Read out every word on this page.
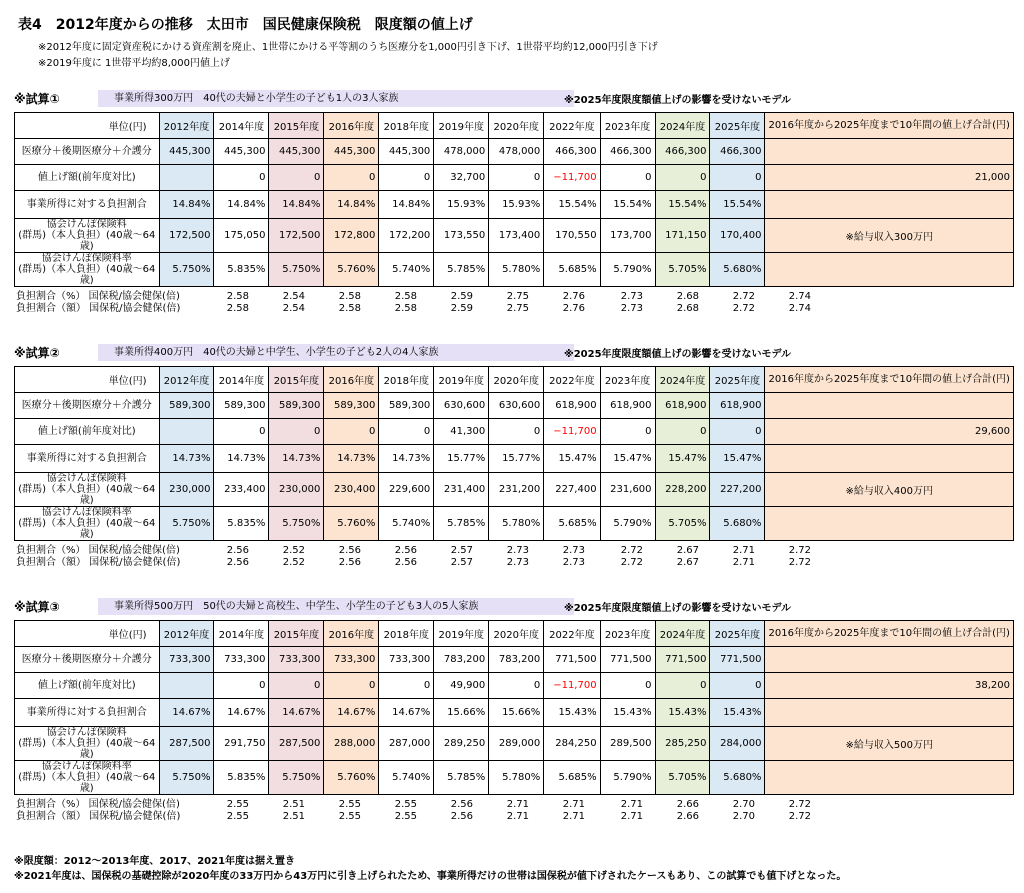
表4　2012年度からの推移　太田市　国民健康保険税　限度額の値上げ
※2012年度に固定資産税にかける資産割を廃止、1世帯にかける平等割のうち医療分を1,000円引き下げ、1世帯平均約12,000円引き下げ
※2019年度に 1世帯平均約8,000円値上げ
※試算①	事業所得300万円　40代の夫婦と小学生の子ども1人の3人家族	※2025年度限度額値上げの影響を受けないモデル
単位(円)	2012年度	2014年度	2015年度	2016年度	2018年度	2019年度	2020年度	2022年度	2023年度	2024年度	2025年度	2016年度から2025年度まで10年間の値上げ合計(円)
医療分＋後期医療分＋介護分	445,300	445,300	445,300	445,300	445,300	478,000	478,000	466,300	466,300	466,300	466,300	
値上げ額(前年度対比)		0	0	0	0	32,700	0	−11,700	0	0	0	21,000
事業所得に対する負担割合	14.84%	14.84%	14.84%	14.84%	14.84%	15.93%	15.93%	15.54%	15.54%	15.54%	15.54%	
協会けんぽ保険料
(群馬)（本人負担）(40歳～64歳)	172,500	175,050	172,500	172,800	172,200	173,550	173,400	170,550	173,700	171,150	170,400	※給与収入300万円
協会けんぽ保険料率
(群馬)（本人負担）(40歳～64歳)	5.750%	5.835%	5.750%	5.760%	5.740%	5.785%	5.780%	5.685%	5.790%	5.705%	5.680%	
負担割合（%） 国保税/協会健保(倍)	2.58	2.54	2.58	2.58	2.59	2.75	2.76	2.73	2.68	2.72	2.74
負担割合（額） 国保税/協会健保(倍)	2.58	2.54	2.58	2.58	2.59	2.75	2.76	2.73	2.68	2.72	2.74
※試算②	事業所得400万円　40代の夫婦と中学生、小学生の子ども2人の4人家族	※2025年度限度額値上げの影響を受けないモデル
単位(円)	2012年度	2014年度	2015年度	2016年度	2018年度	2019年度	2020年度	2022年度	2023年度	2024年度	2025年度	2016年度から2025年度まで10年間の値上げ合計(円)
医療分＋後期医療分＋介護分	589,300	589,300	589,300	589,300	589,300	630,600	630,600	618,900	618,900	618,900	618,900	
値上げ額(前年度対比)		0	0	0	0	41,300	0	−11,700	0	0	0	29,600
事業所得に対する負担割合	14.73%	14.73%	14.73%	14.73%	14.73%	15.77%	15.77%	15.47%	15.47%	15.47%	15.47%	
協会けんぽ保険料
(群馬)（本人負担）(40歳～64歳)	230,000	233,400	230,000	230,400	229,600	231,400	231,200	227,400	231,600	228,200	227,200	※給与収入400万円
協会けんぽ保険料率
(群馬)（本人負担）(40歳～64歳)	5.750%	5.835%	5.750%	5.760%	5.740%	5.785%	5.780%	5.685%	5.790%	5.705%	5.680%	
負担割合（%） 国保税/協会健保(倍)	2.56	2.52	2.56	2.56	2.57	2.73	2.73	2.72	2.67	2.71	2.72
負担割合（額） 国保税/協会健保(倍)	2.56	2.52	2.56	2.56	2.57	2.73	2.73	2.72	2.67	2.71	2.72
※試算③	事業所得500万円　50代の夫婦と高校生、中学生、小学生の子ども3人の5人家族	※2025年度限度額値上げの影響を受けないモデル
単位(円)	2012年度	2014年度	2015年度	2016年度	2018年度	2019年度	2020年度	2022年度	2023年度	2024年度	2025年度	2016年度から2025年度まで10年間の値上げ合計(円)
医療分＋後期医療分＋介護分	733,300	733,300	733,300	733,300	733,300	783,200	783,200	771,500	771,500	771,500	771,500	
値上げ額(前年度対比)		0	0	0	0	49,900	0	−11,700	0	0	0	38,200
事業所得に対する負担割合	14.67%	14.67%	14.67%	14.67%	14.67%	15.66%	15.66%	15.43%	15.43%	15.43%	15.43%	
協会けんぽ保険料
(群馬)（本人負担）(40歳～64歳)	287,500	291,750	287,500	288,000	287,000	289,250	289,000	284,250	289,500	285,250	284,000	※給与収入500万円
協会けんぽ保険料率
(群馬)（本人負担）(40歳～64歳)	5.750%	5.835%	5.750%	5.760%	5.740%	5.785%	5.780%	5.685%	5.790%	5.705%	5.680%	
負担割合（%） 国保税/協会健保(倍)	2.55	2.51	2.55	2.55	2.56	2.71	2.71	2.71	2.66	2.70	2.72
負担割合（額） 国保税/協会健保(倍)	2.55	2.51	2.55	2.55	2.56	2.71	2.71	2.71	2.66	2.70	2.72
※限度額：2012～2013年度、2017、2021年度は据え置き
※2021年度は、国保税の基礎控除が2020年度の33万円から43万円に引き上げられたため、事業所得だけの世帯は国保税が値下げされたケースもあり、この試算でも値下げとなった。
